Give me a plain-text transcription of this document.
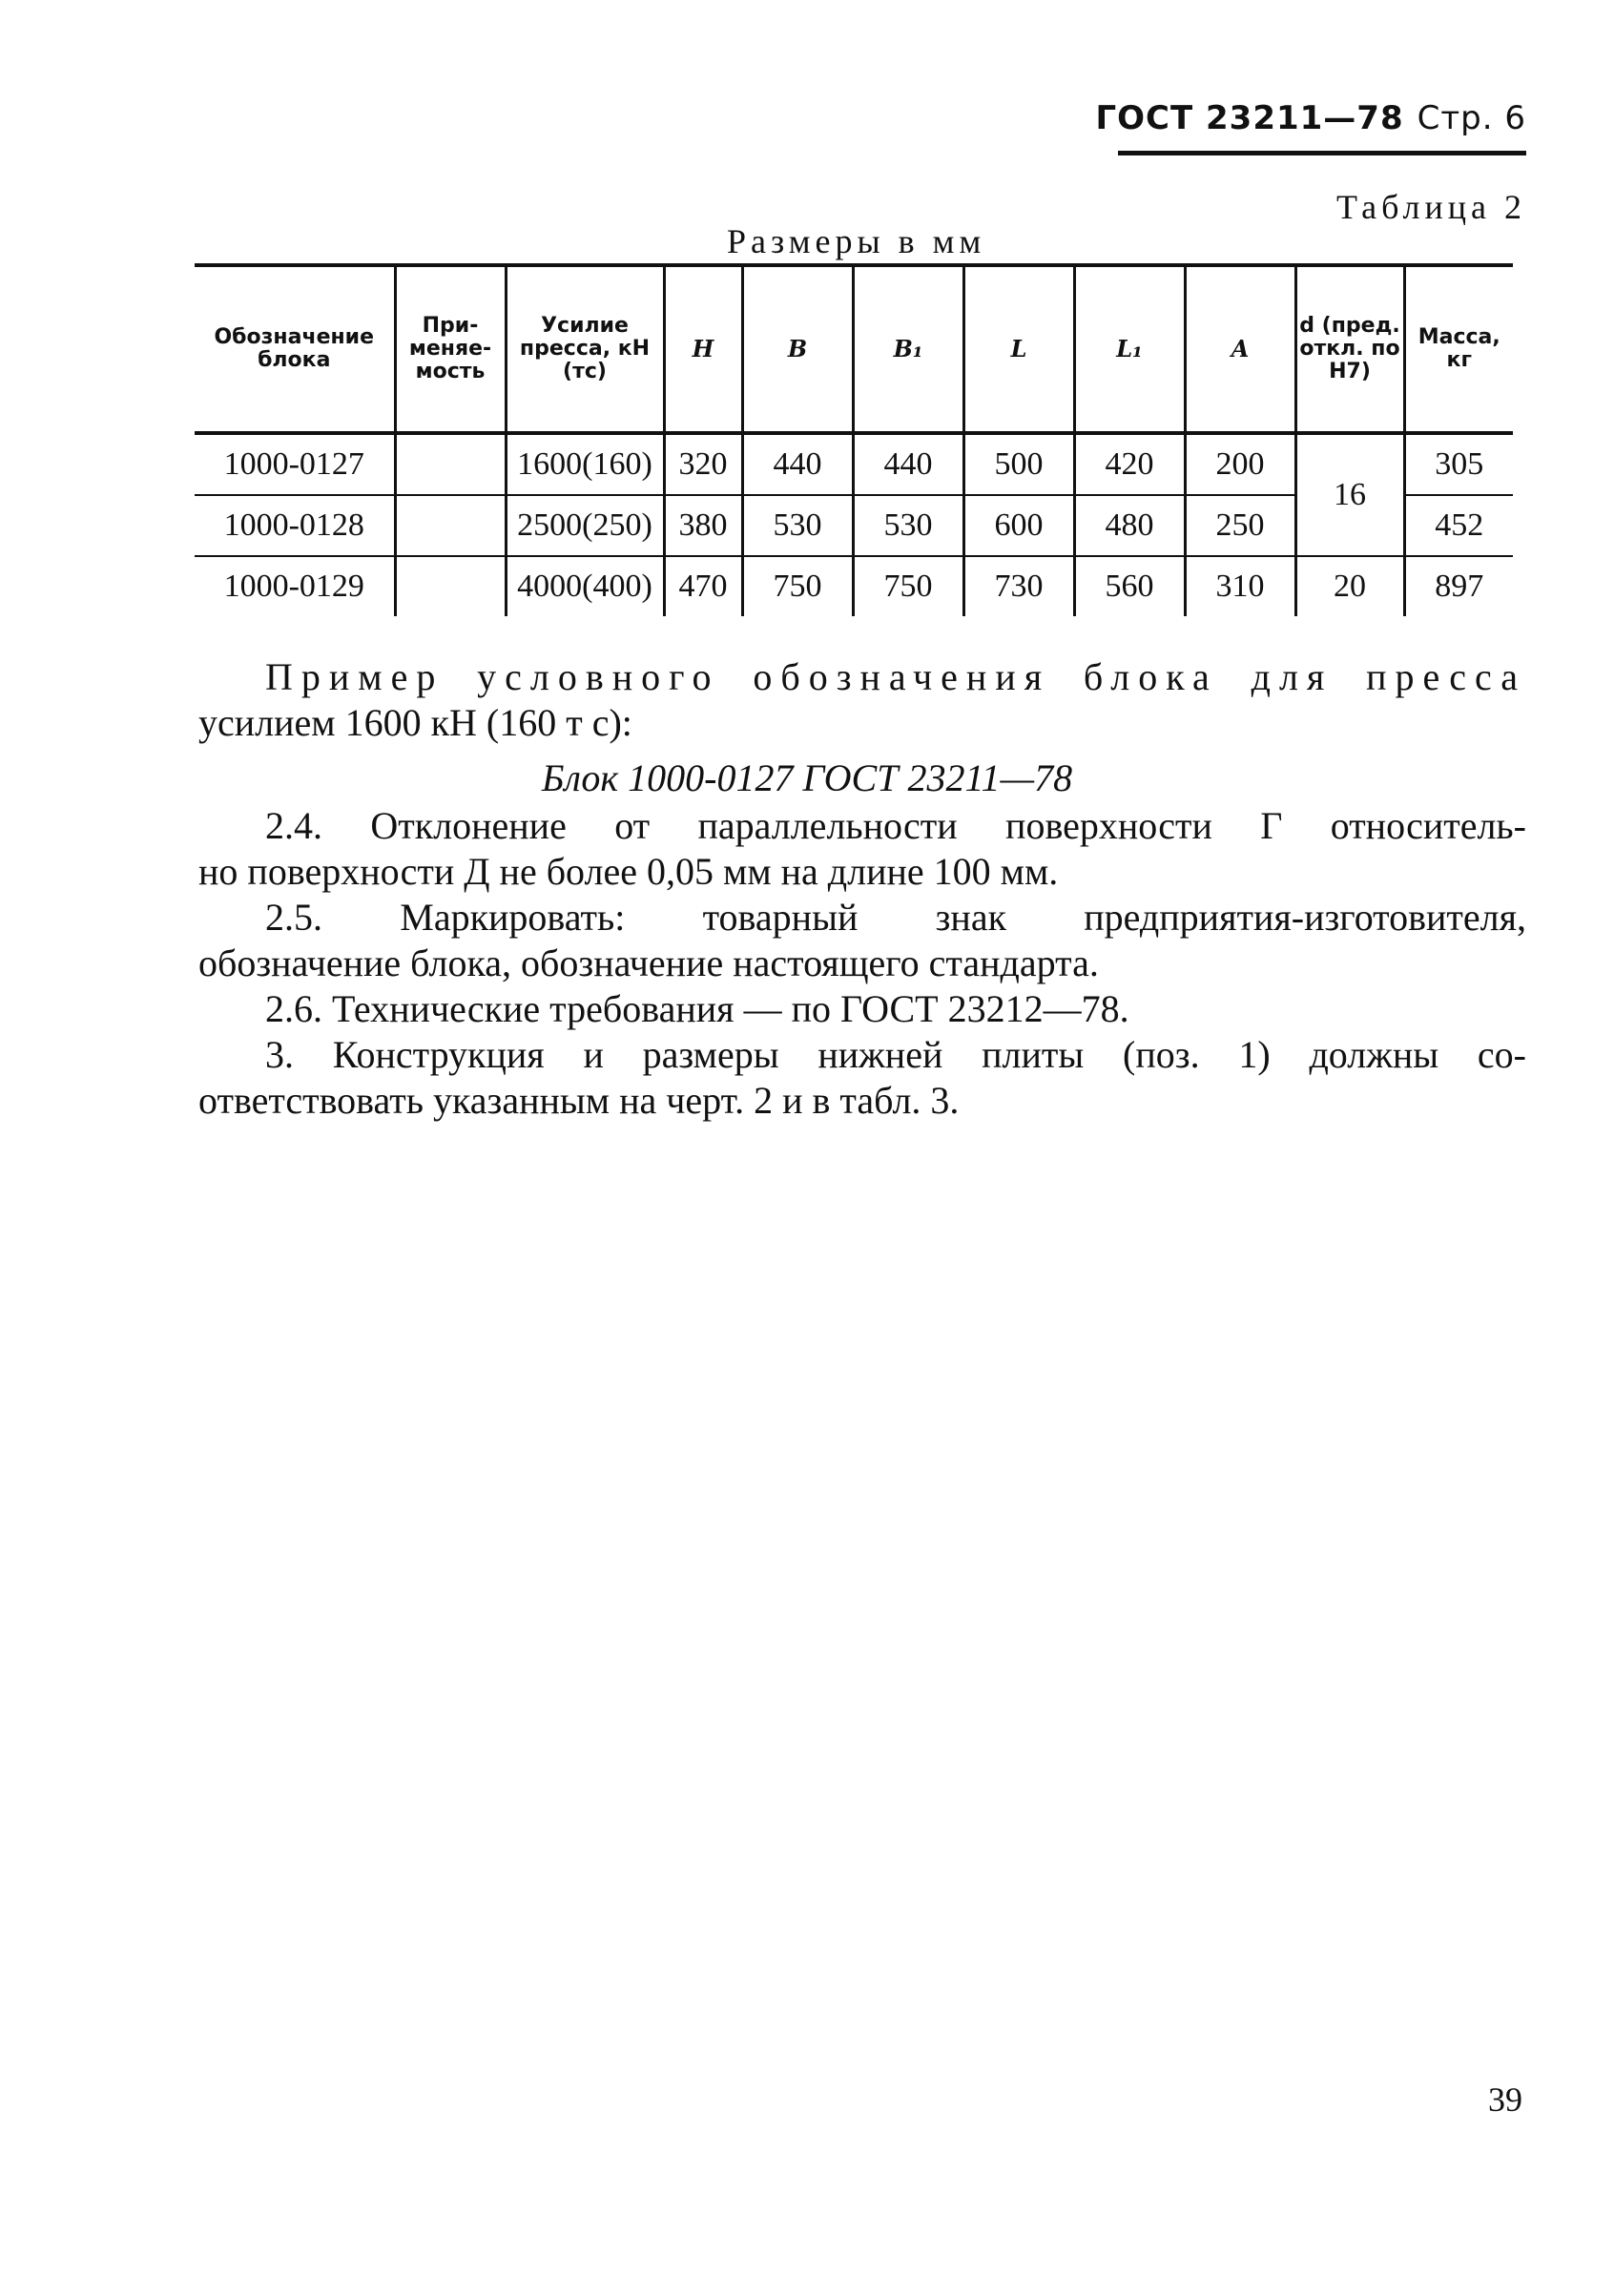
ГОСТ 23211—78 Стр. 6
Таблица 2
Размеры в мм
Обозначение блока	При-меняе-мость	Усилие пресса, кН (тс)	H	B	B₁	L	L₁	A	d (пред. откл. по H7)	Масса, кг
1000-0127		1600(160)	320	440	440	500	420	200	16	305
1000-0128		2500(250)	380	530	530	600	480	250		452
1000-0129		4000(400)	470	750	750	730	560	310	20	897
Пример условного обозначения блока для пресса
усилием 1600 кН (160 т с):
Блок 1000-0127 ГОСТ 23211—78
2.4. Отклонение от параллельности поверхности Г относитель-
но поверхности Д не более 0,05 мм на длине 100 мм.
2.5. Маркировать: товарный знак предприятия-изготовителя,
обозначение блока, обозначение настоящего стандарта.
2.6. Технические требования — по ГОСТ 23212—78.
3. Конструкция и размеры нижней плиты (поз. 1) должны со-
ответствовать указанным на черт. 2 и в табл. 3.
39
